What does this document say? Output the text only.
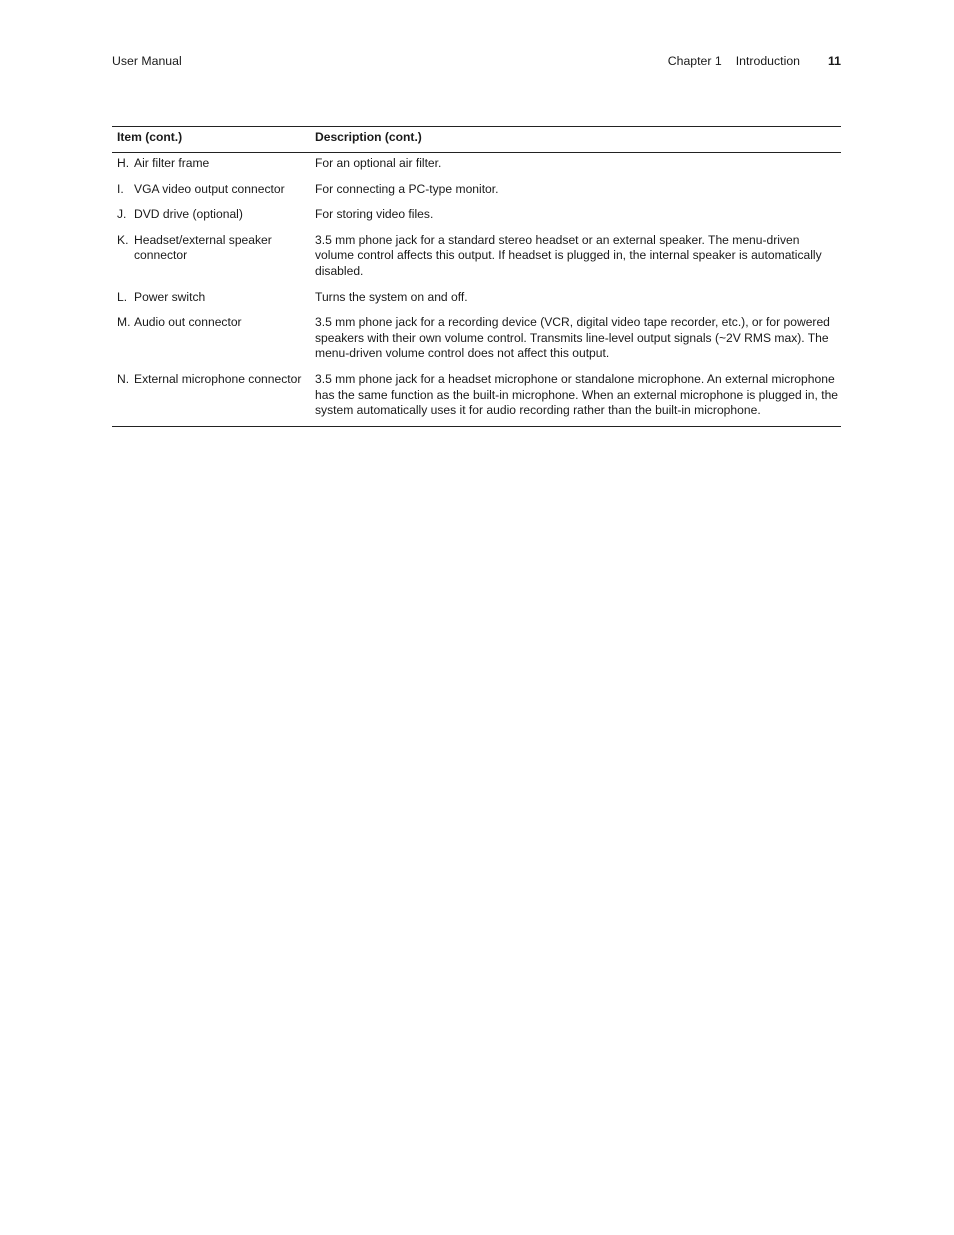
User Manual	Chapter 1 Introduction 11
Item (cont.)	Description (cont.)

H. Air filter frame	For an optional air filter.

I. VGA video output connector	For connecting a PC-type monitor.

J. DVD drive (optional)	For storing video files.

K. Headset/external speaker connector	3.5 mm phone jack for a standard stereo headset or an external speaker. The menu-driven volume control affects this output. If headset is plugged in, the internal speaker is automatically disabled.

L. Power switch	Turns the system on and off.

M. Audio out connector	3.5 mm phone jack for a recording device (VCR, digital video tape recorder, etc.), or for powered speakers with their own volume control. Transmits line-level output signals (~2V RMS max). The menu-driven volume control does not affect this output.

N. External microphone connector	3.5 mm phone jack for a headset microphone or standalone microphone. An external microphone has the same function as the built-in microphone. When an external microphone is plugged in, the system automatically uses it for audio recording rather than the built-in microphone.
